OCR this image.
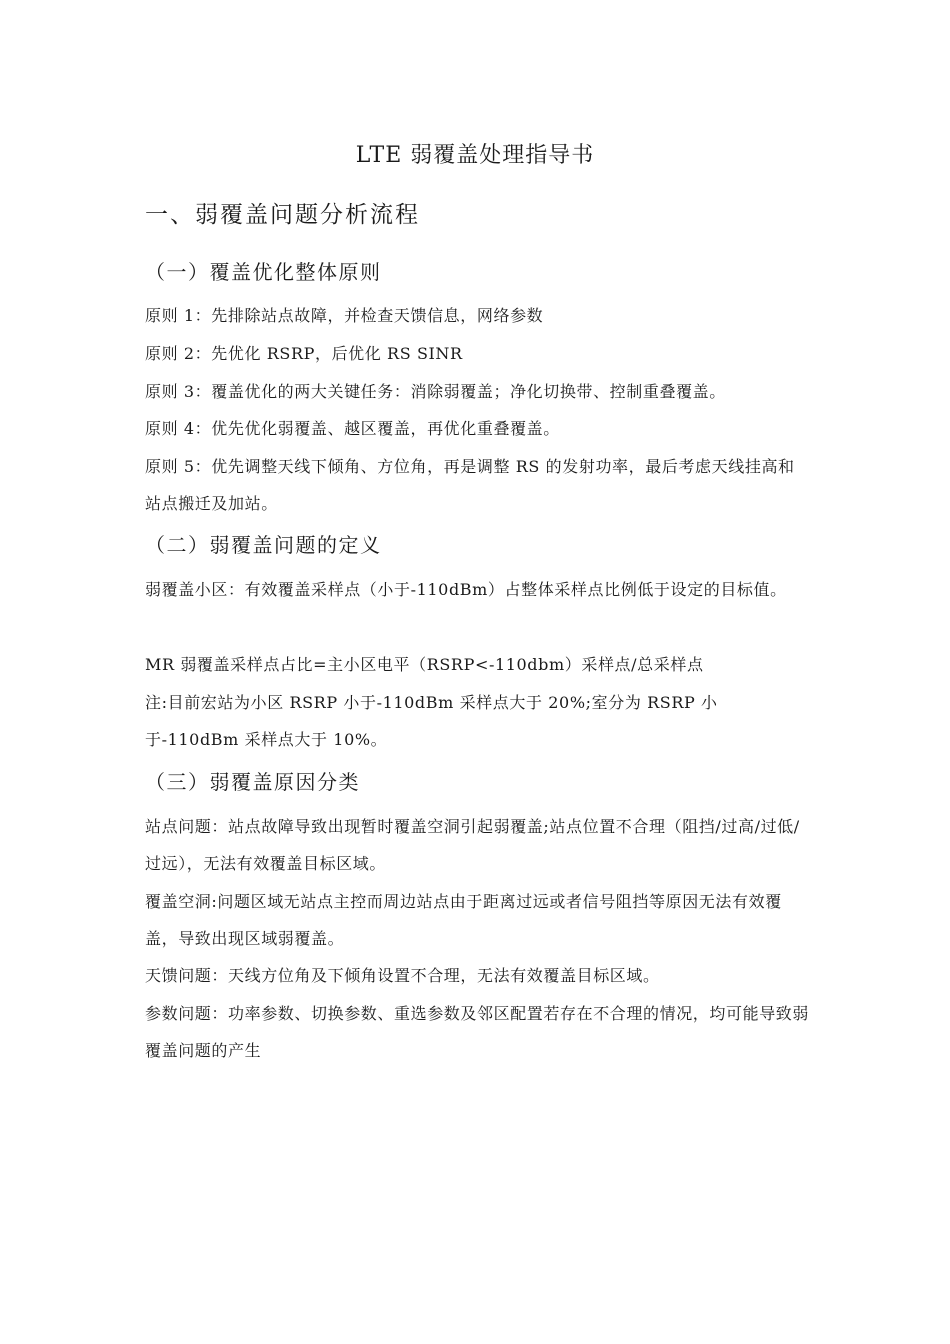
LTE 弱覆盖处理指导书
一、弱覆盖问题分析流程
（一）覆盖优化整体原则
原则 1：先排除站点故障，并检查天馈信息，网络参数
原则 2：先优化 RSRP，后优化 RS SINR
原则 3：覆盖优化的两大关键任务：消除弱覆盖；净化切换带、控制重叠覆盖。
原则 4：优先优化弱覆盖、越区覆盖，再优化重叠覆盖。
原则 5：优先调整天线下倾角、方位角，再是调整 RS 的发射功率，最后考虑天线挂高和站点搬迁及加站。
（二）弱覆盖问题的定义
弱覆盖小区：有效覆盖采样点（小于-110dBm）占整体采样点比例低于设定的目标值。
MR 弱覆盖采样点占比=主小区电平（RSRP<-110dbm）采样点/总采样点
注:目前宏站为小区 RSRP 小于-110dBm 采样点大于 20%;室分为 RSRP 小于-110dBm 采样点大于 10%。
（三）弱覆盖原因分类
站点问题：站点故障导致出现暂时覆盖空洞引起弱覆盖;站点位置不合理（阻挡/过高/过低/过远），无法有效覆盖目标区域。
覆盖空洞:问题区域无站点主控而周边站点由于距离过远或者信号阻挡等原因无法有效覆盖，导致出现区域弱覆盖。
天馈问题：天线方位角及下倾角设置不合理，无法有效覆盖目标区域。
参数问题：功率参数、切换参数、重选参数及邻区配置若存在不合理的情况，均可能导致弱覆盖问题的产生
